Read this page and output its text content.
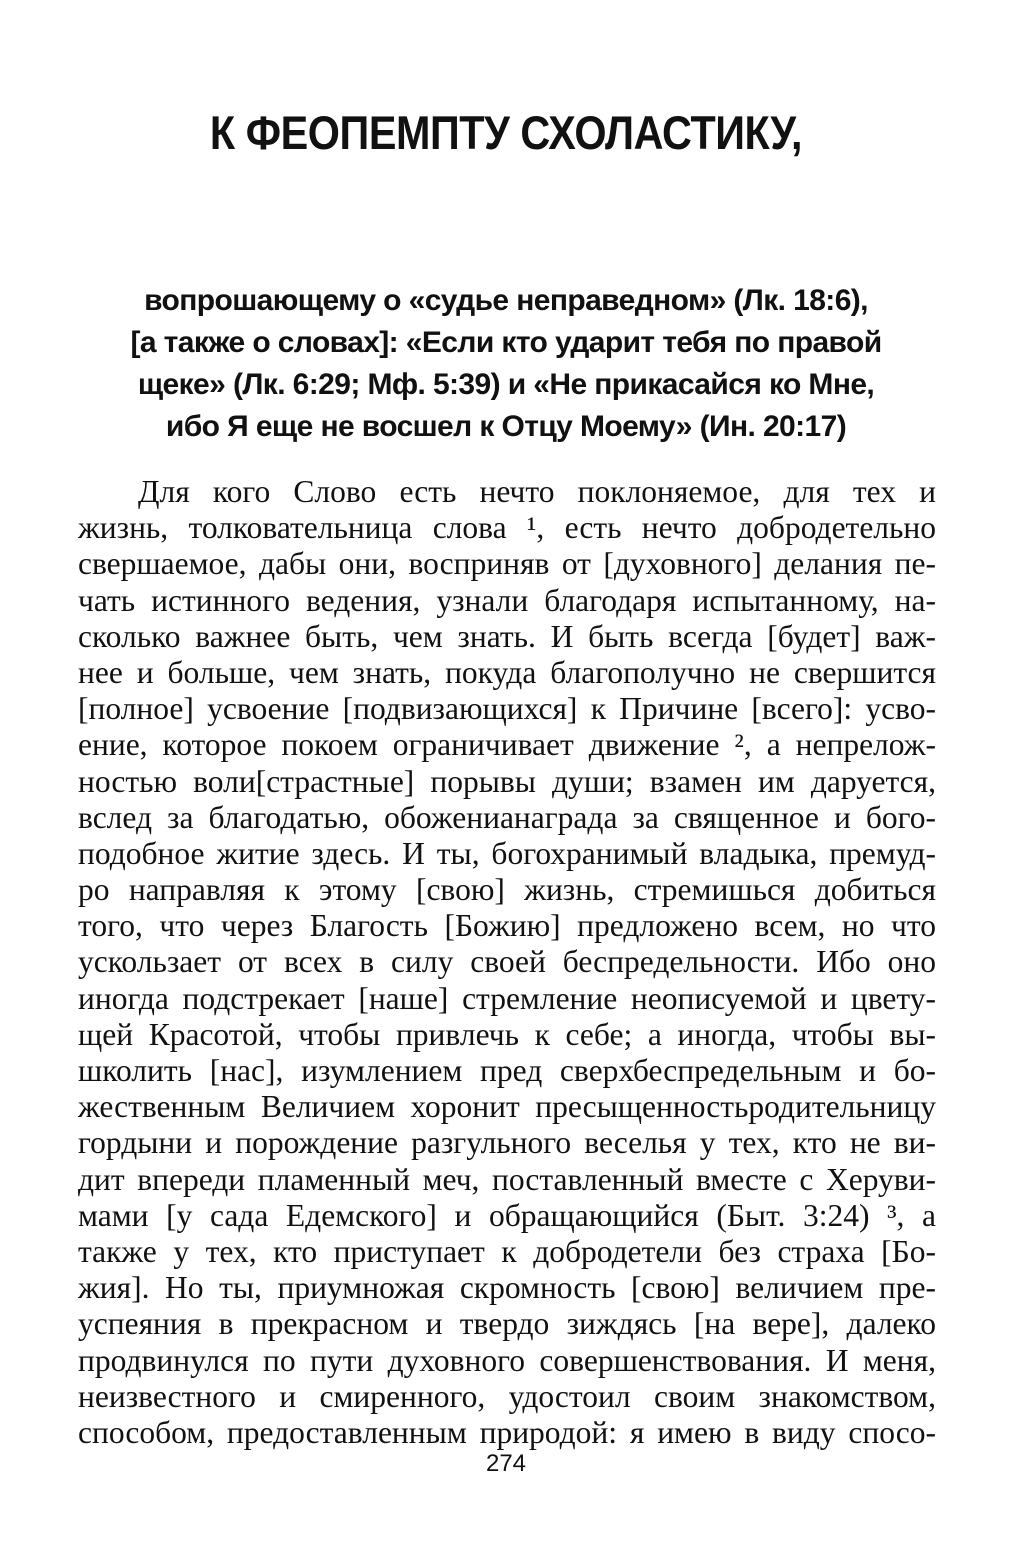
К ФЕОПЕМПТУ СХОЛАСТИКУ,
вопрошающему о «судье неправедном» (Лк. 18:6),
[а также о словах]: «Если кто ударит тебя по правой
щеке» (Лк. 6:29; Мф. 5:39) и «Не прикасайся ко Мне,
ибо Я еще не восшел к Отцу Моему» (Ин. 20:17)
Для кого Слово есть нечто поклоняемое, для тех и
жизнь, толковательница слова ¹, есть нечто добродетельно
свершаемое, дабы они, восприняв от [духовного] делания пе-
чать истинного ведения, узнали благодаря испытанному, на-
сколько важнее быть, чем знать. И быть всегда [будет] важ-
нее и больше, чем знать, покуда благополучно не свершится
[полное] усвоение [подвизающихся] к Причине [всего]: усво-
ение, которое покоем ограничивает движение ², а непрелож-
ностью воли[страстные] порывы души; взамен им даруется,
вслед за благодатью, обоженианаграда за священное и бого-
подобное житие здесь. И ты, богохранимый владыка, премуд-
ро направляя к этому [свою] жизнь, стремишься добиться
того, что через Благость [Божию] предложено всем, но что
ускользает от всех в силу своей беспредельности. Ибо оно
иногда подстрекает [наше] стремление неописуемой и цвету-
щей Красотой, чтобы привлечь к себе; а иногда, чтобы вы-
школить [нас], изумлением пред сверхбеспредельным и бо-
жественным Величием хоронит пресыщенностьродительницу
гордыни и порождение разгульного веселья у тех, кто не ви-
дит впереди пламенный меч, поставленный вместе с Херуви-
мами [у сада Едемского] и обращающийся (Быт. 3:24) ³, а
также у тех, кто приступает к добродетели без страха [Бо-
жия]. Но ты, приумножая скромность [свою] величием пре-
успеяния в прекрасном и твердо зиждясь [на вере], далеко
продвинулся по пути духовного совершенствования. И меня,
неизвестного и смиренного, удостоил своим знакомством,
способом, предоставленным природой: я имею в виду спосо-

274
